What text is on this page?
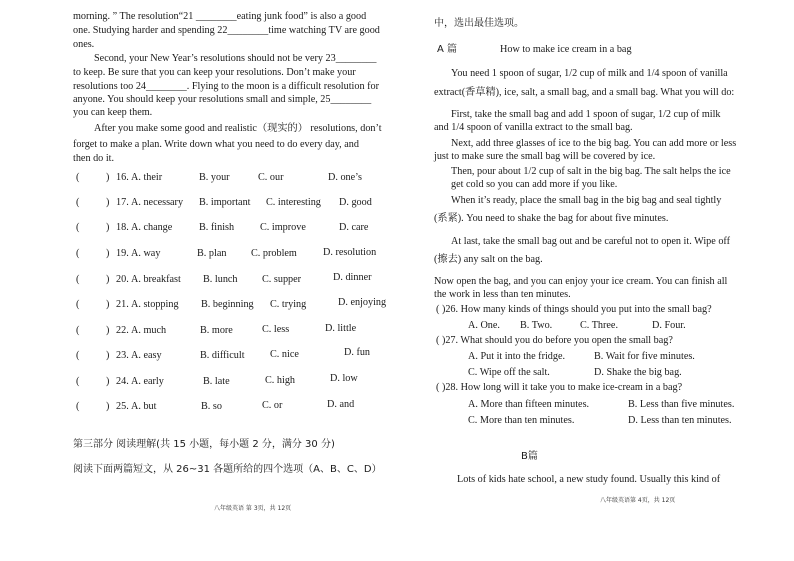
morning. ” The resolution“21 ________eating junk food” is also a good
one. Studying harder and spending 22________time watching TV are good
ones.
Second, your New Year’s resolutions should not be very 23________
to keep. Be sure that you can keep your resolutions. Don’t make your
resolutions too 24________. Flying to the moon is a difficult resolution for
anyone. You should keep your resolutions small and simple, 25________
you can keep them.
After you make some good and realistic（现实的） resolutions, don’t
forget to make a plan. Write down what you need to do every day, and
then do it.
(	) 16. A. their	B. your	C. our	D. one’s
(	) 17. A. necessary B. important C. interesting D. good
(	) 18. A. change	B. finish	C. improve	D. care
(	) 19. A. way	B. plan C. problem	D. resolution
(	) 20. A. breakfast B. lunch C. supper	D. dinner
(	) 21. A. stopping B. beginning C. trying	D. enjoying
(	) 22. A. much	B. more	C. less	D. little
(	) 23. A. easy	B. difficult C. nice	D. fun
(	) 24. A. early	B. late	C. high	D. low
(	) 25. A. but	B. so	C. or	D. and
第三部分 阅读理解(共 15 小题，每小题 2 分，满分 30 分)
阅读下面两篇短文，从 26~31 各题所给的四个选项（A、B、C、D）
八年级英语 第 3页，共 12页
中，选出最佳选项。
A 篇	How to make ice cream in a bag
You need 1 spoon of sugar, 1/2 cup of milk and 1/4 spoon of vanilla
extract(香草精), ice, salt, a small bag, and a small bag. What you will do:
First, take the small bag and add 1 spoon of sugar, 1/2 cup of milk
and 1/4 spoon of vanilla extract to the small bag.
Next, add three glasses of ice to the big bag. You can add more or less
just to make sure the small bag will be covered by ice.
Then, pour about 1/2 cup of salt in the big bag. The salt helps the ice
get cold so you can add more if you like.
When it’s ready, place the small bag in the big bag and seal tightly
(系紧). You need to shake the bag for about five minutes.
At last, take the small bag out and be careful not to open it. Wipe off
(擦去) any salt on the bag.
Now open the bag, and you can enjoy your ice cream. You can finish all
the work in less than ten minutes.
( )26. How many kinds of things should you put into the small bag?
A. One. B. Two.	C. Three.	D. Four.
( )27. What should you do before you open the small bag?
A. Put it into the fridge.	B. Wait for five minutes.
C. Wipe off the salt.	D. Shake the big bag.
( )28. How long will it take you to make ice-cream in a bag?
A. More than fifteen minutes.	B. Less than five minutes.
C. More than ten minutes.	D. Less than ten minutes.
B篇
Lots of kids hate school, a new study found. Usually this kind of
八年级英语第 4页，共 12页
